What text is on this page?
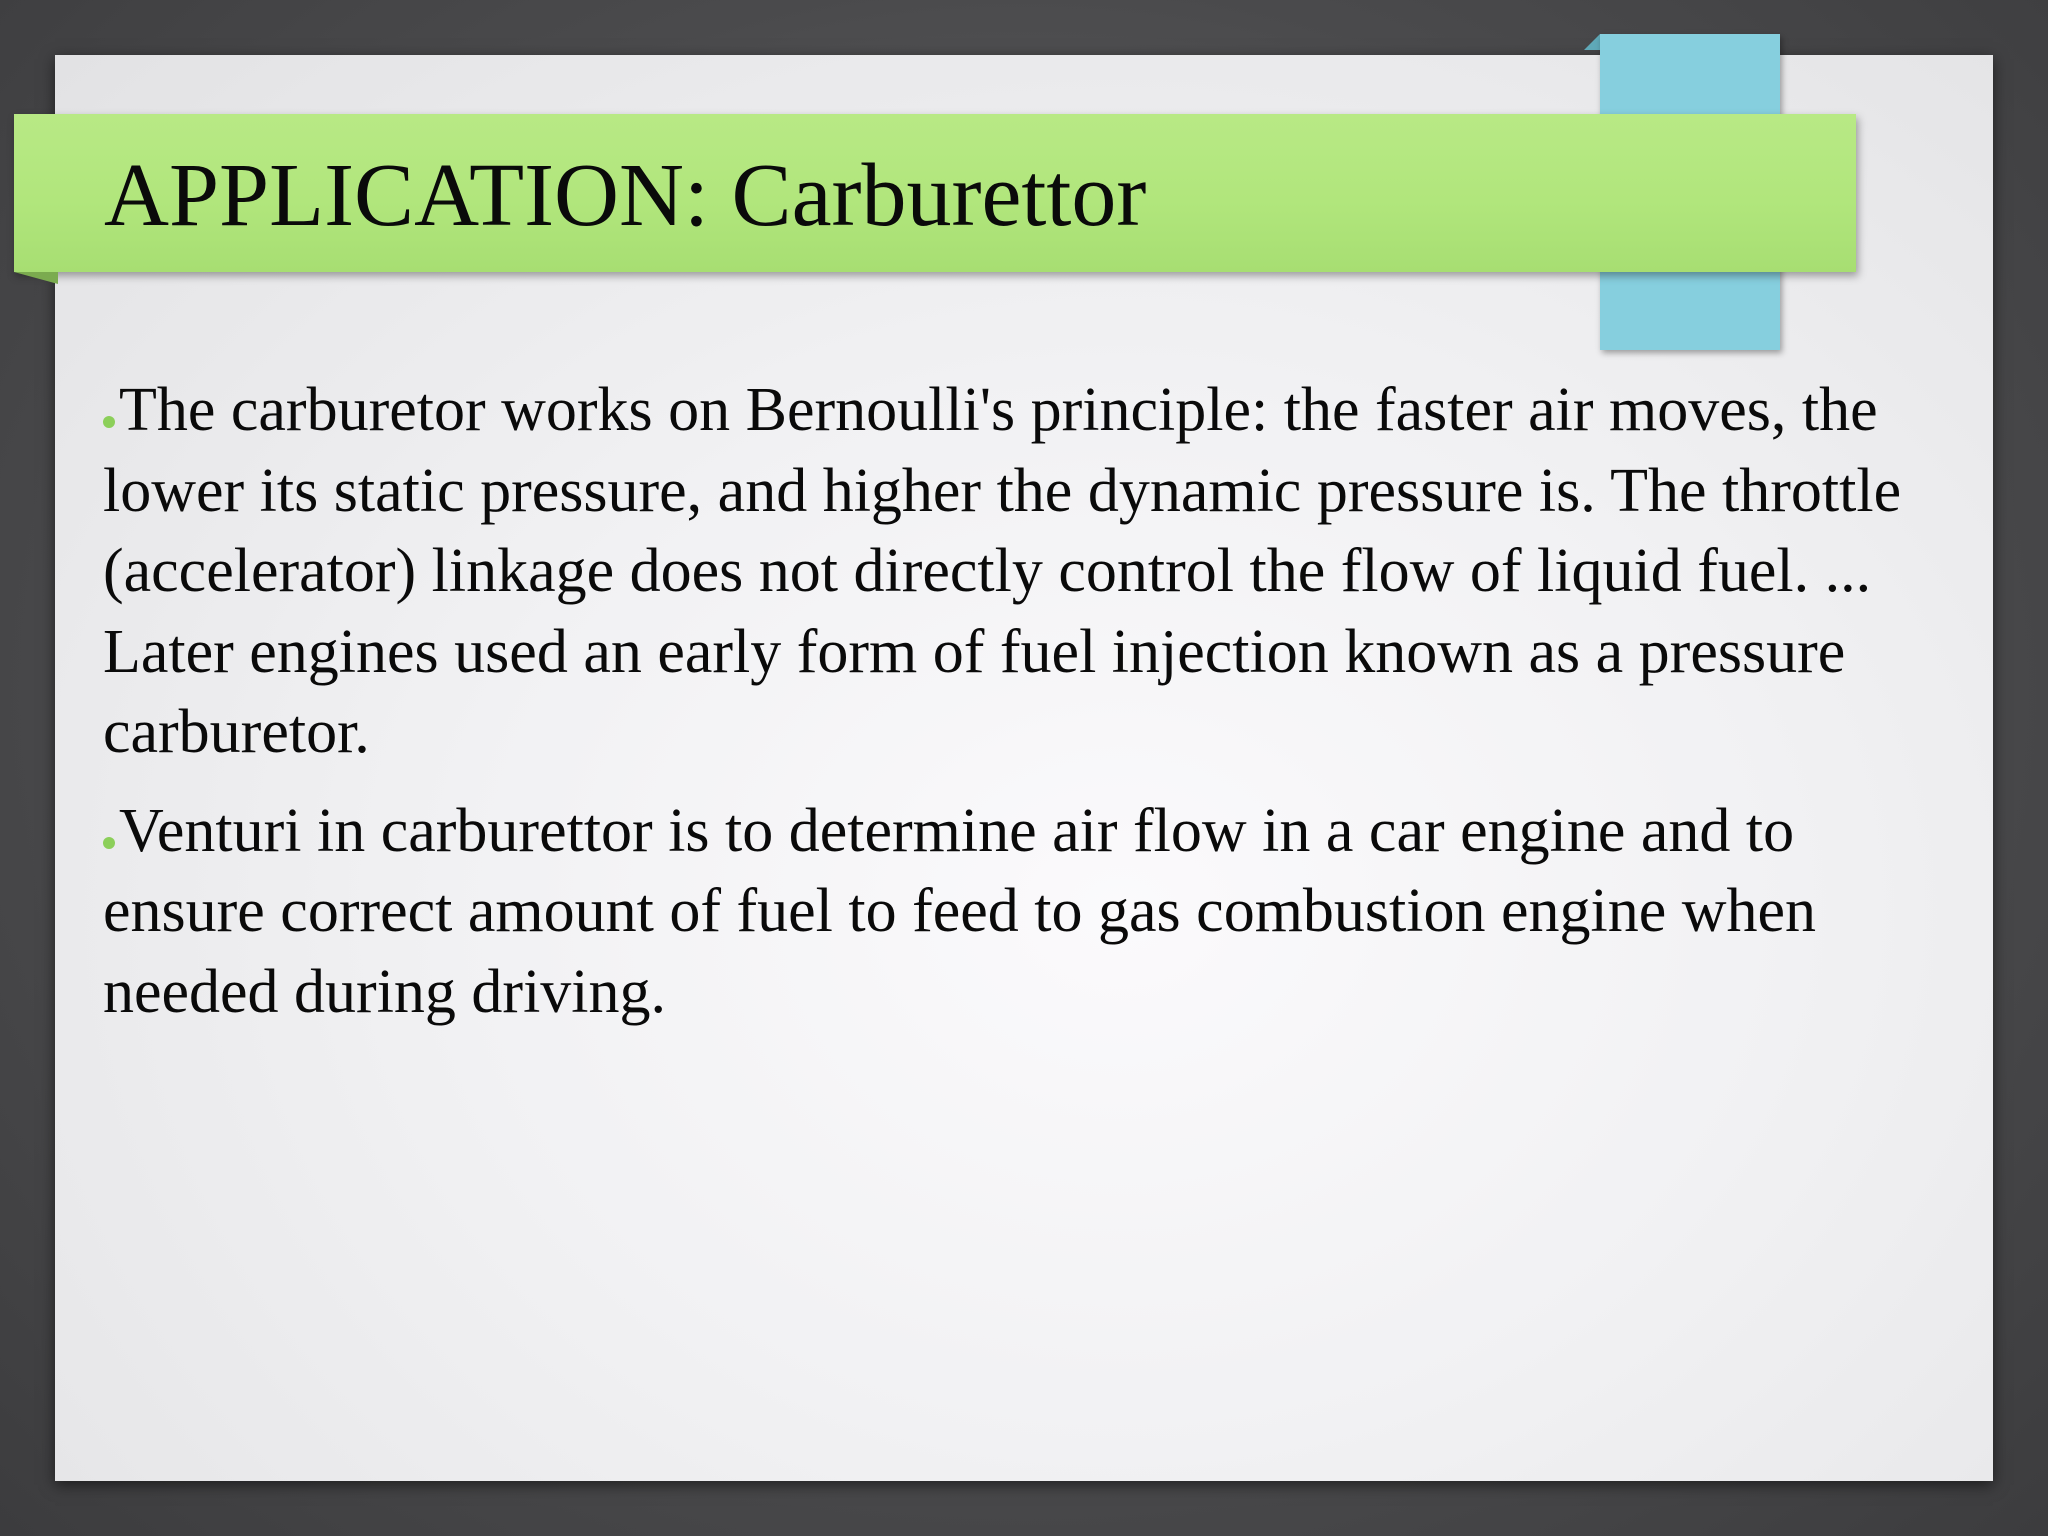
APPLICATION: Carburettor

The carburetor works on Bernoulli's principle: the faster air moves, the lower its static pressure, and higher the dynamic pressure is. The throttle (accelerator) linkage does not directly control the flow of liquid fuel. ... Later engines used an early form of fuel injection known as a pressure carburetor.

Venturi in carburettor is to determine air flow in a car engine and to ensure correct amount of fuel to feed to gas combustion engine when needed during driving.
